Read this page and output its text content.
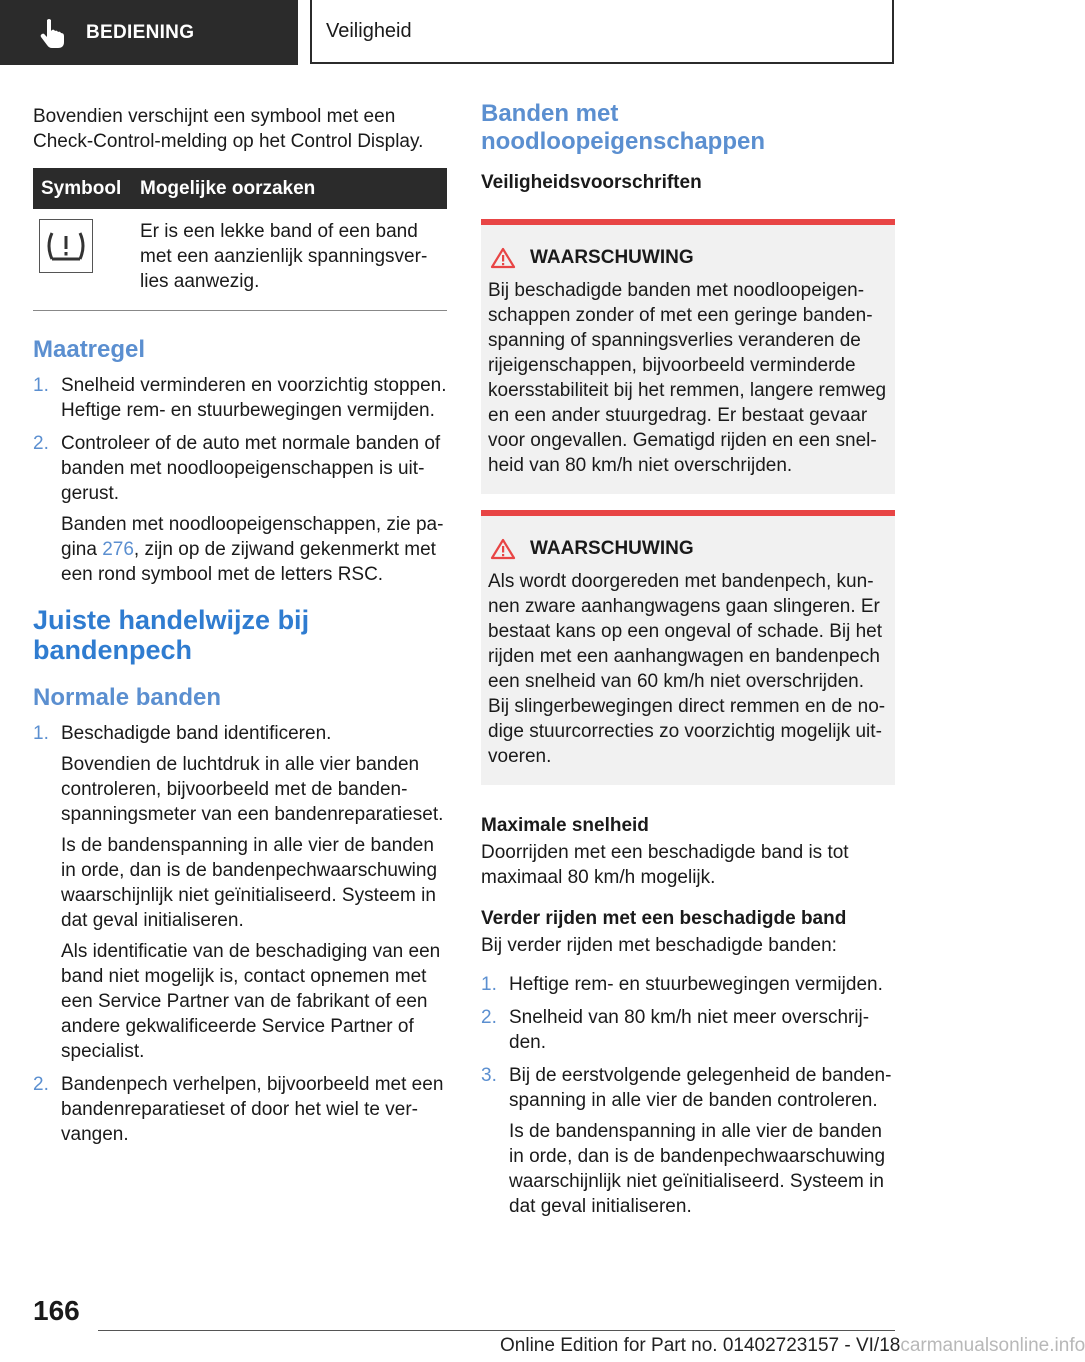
BEDIENING	Veiligheid

Bovendien verschijnt een symbool met een Check-Control-melding op het Control Display.

Symbool	Mogelijke oorzaken

	Er is een lekke band of een band met een aanzienlijk spanningsverlies aanwezig.
Maatregel
1. Snelheid verminderen en voorzichtig stoppen. Heftige rem- en stuurbewegingen vermijden.
2. Controleer of de auto met normale banden of banden met noodloopeigenschappen is uitgerust.

Banden met noodloopeigenschappen, zie pagina 276, zijn op de zijwand gekenmerkt met een rond symbool met de letters RSC.

Juiste handelwijze bij bandenpech
Normale banden
1. Beschadigde band identificeren.

Bovendien de luchtdruk in alle vier banden controleren, bijvoorbeeld met de bandenspanningsmeter van een bandenreparatieset.

Is de bandenspanning in alle vier de banden in orde, dan is de bandenpechwaarschuwing waarschijnlijk niet geïnitialiseerd. Systeem in dat geval initialiseren.

Als identificatie van de beschadiging van een band niet mogelijk is, contact opnemen met een Service Partner van de fabrikant of een andere gekwalificeerde Service Partner of specialist.

2. Bandenpech verhelpen, bijvoorbeeld met een bandenreparatieset of door het wiel te vervangen.
Banden met noodloopeigenschappen
Veiligheidsvoorschriften
WAARSCHUWING

Bij beschadigde banden met noodloopeigenschappen zonder of met een geringe bandenspanning of spanningsverlies veranderen de rijeigenschappen, bijvoorbeeld verminderde koersstabiliteit bij het remmen, langere remweg en een ander stuurgedrag. Er bestaat gevaar voor ongevallen. Gematigd rijden en een snelheid van 80 km/h niet overschrijden.

WAARSCHUWING

Als wordt doorgereden met bandenpech, kunnen zware aanhangwagens gaan slingeren. Er bestaat kans op een ongeval of schade. Bij het rijden met een aanhangwagen en bandenpech een snelheid van 60 km/h niet overschrijden. Bij slingerbewegingen direct remmen en de nodige stuurcorrecties zo voorzichtig mogelijk uitvoeren.

Maximale snelheid

Doorrijden met een beschadigde band is tot maximaal 80 km/h mogelijk.

Verder rijden met een beschadigde band

Bij verder rijden met beschadigde banden:

1. Heftige rem- en stuurbewegingen vermijden.
2. Snelheid van 80 km/h niet meer overschrijden.
3. Bij de eerstvolgende gelegenheid de bandenspanning in alle vier de banden controleren.

Is de bandenspanning in alle vier de banden in orde, dan is de bandenpechwaarschuwing waarschijnlijk niet geïnitialiseerd. Systeem in dat geval initialiseren.

166
Online Edition for Part no. 01402723157 - VI/18carmanualsonline.info
